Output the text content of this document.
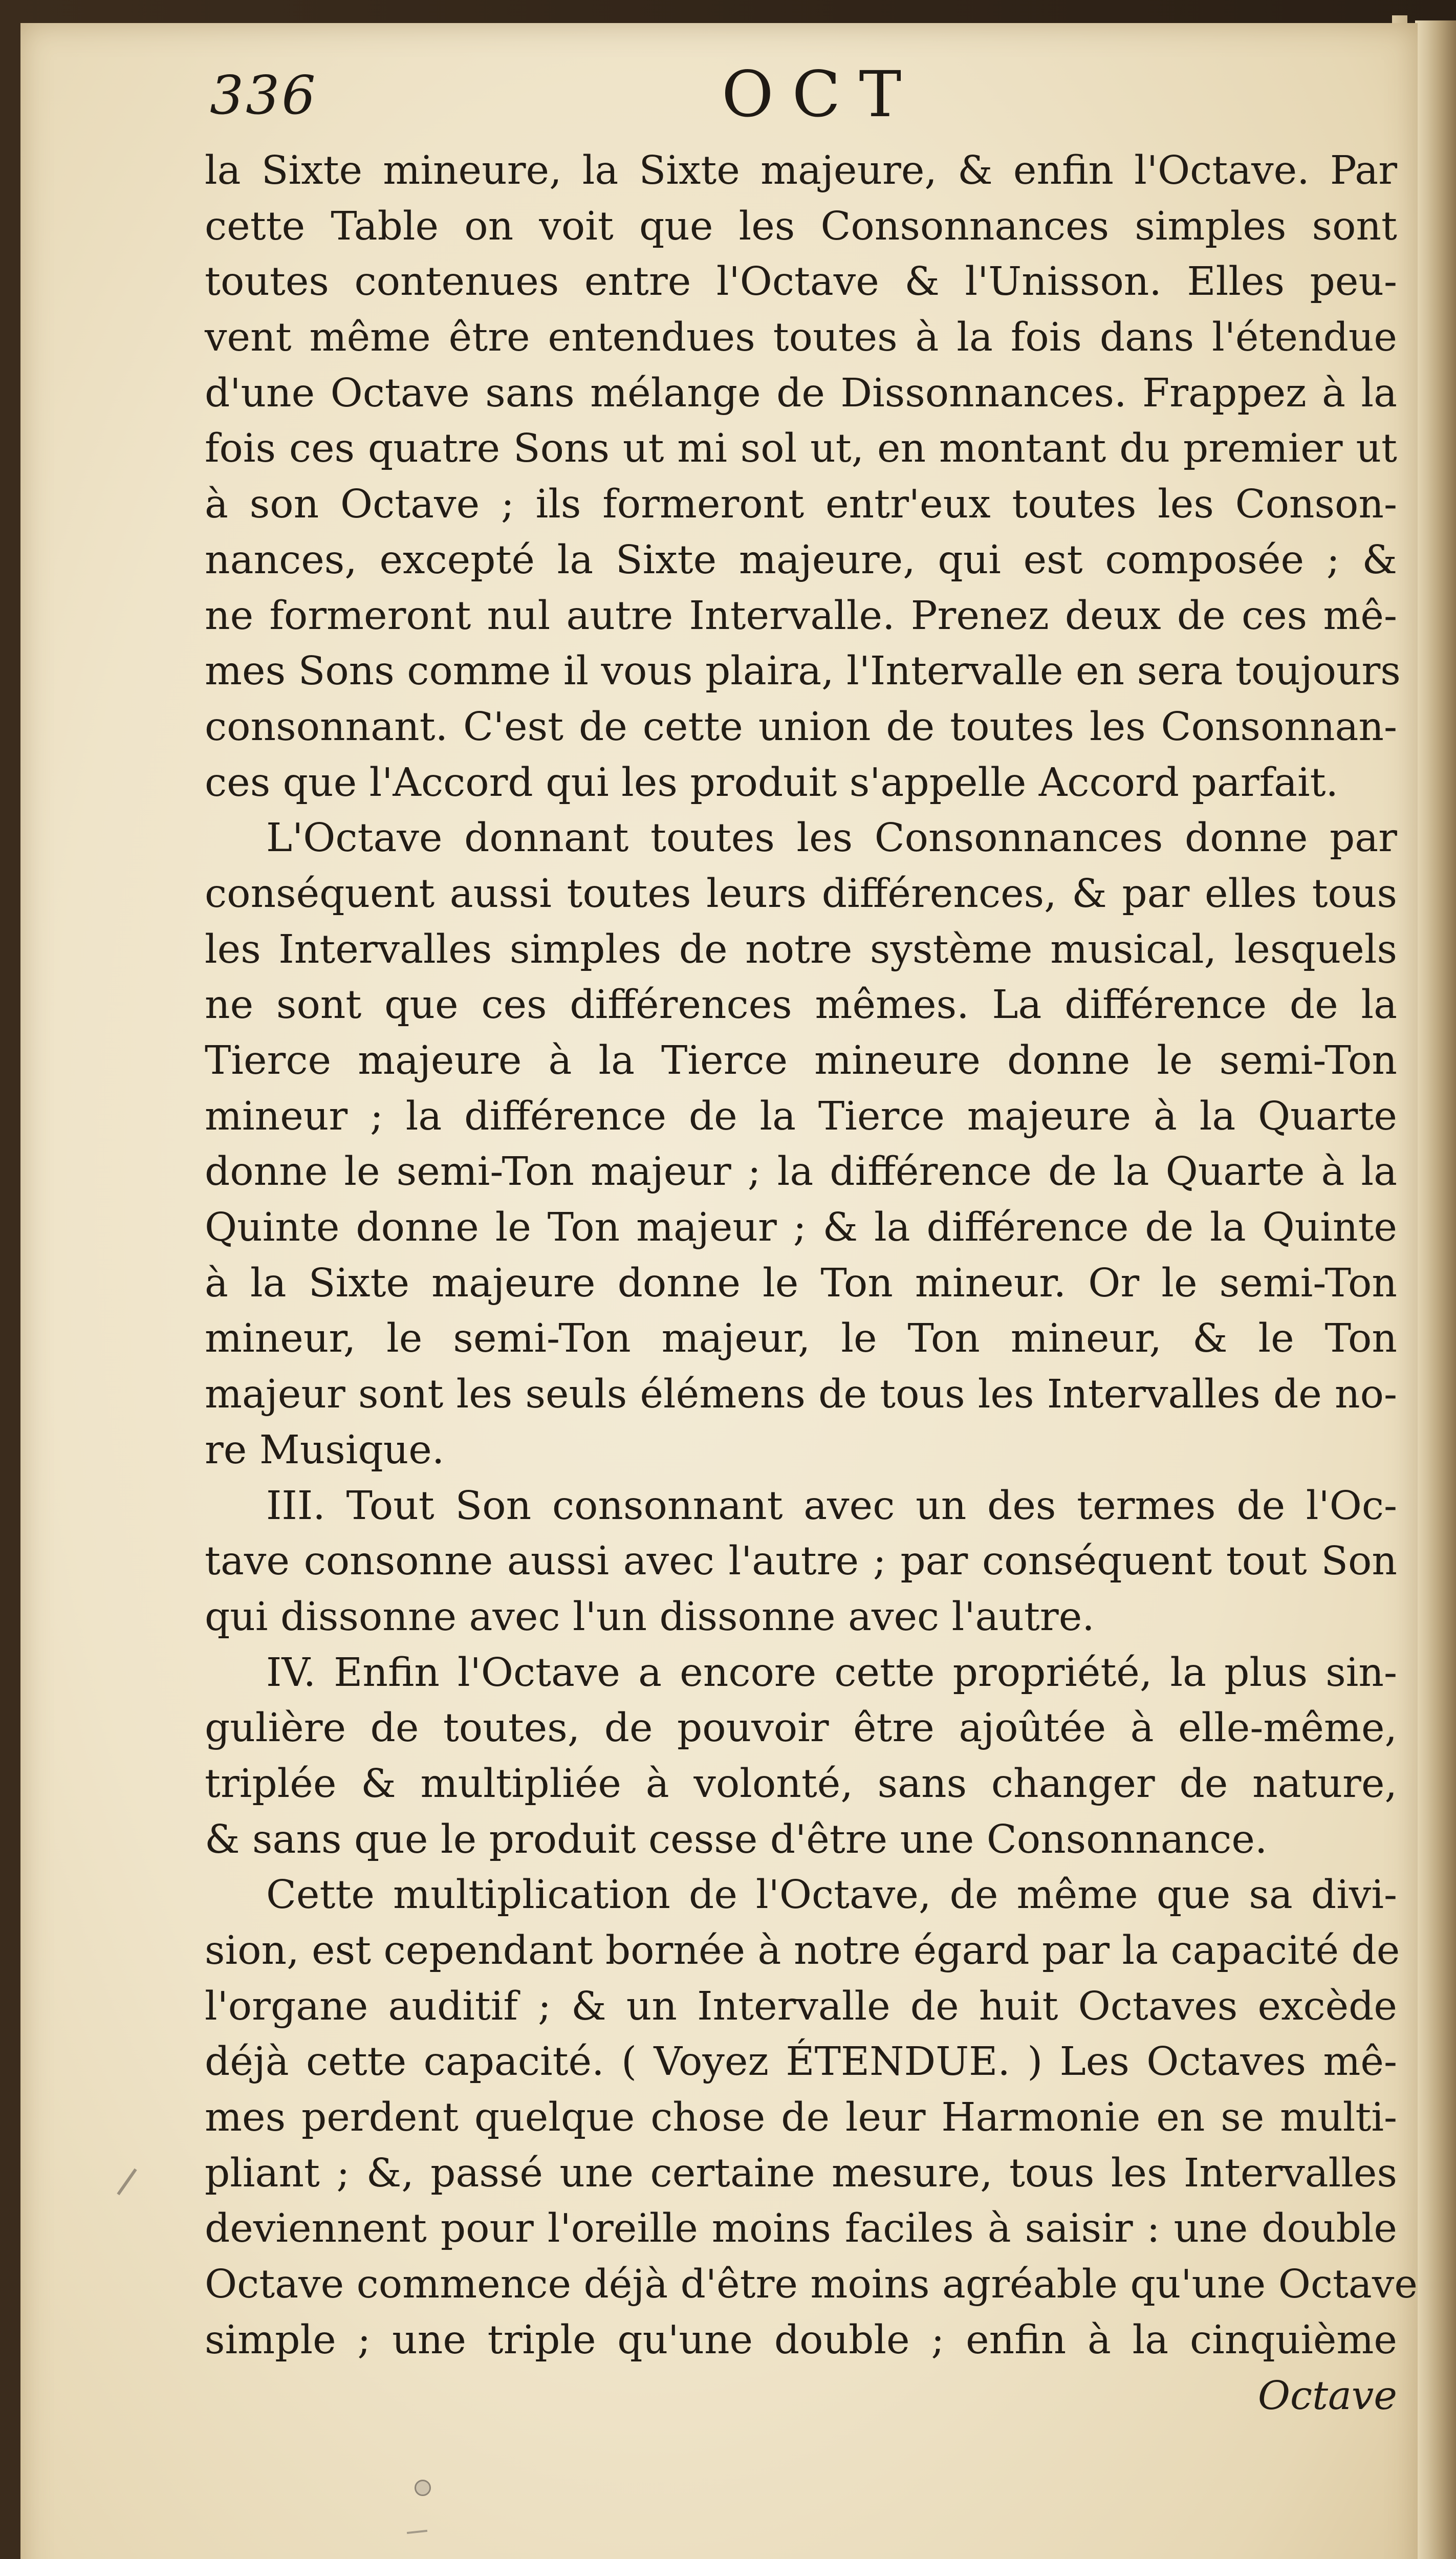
336	OCT
la Sixte mineure, la Sixte majeure, & enfin l'Octave. Par
cette Table on voit que les Consonnances simples sont
toutes contenues entre l'Octave & l'Unisson. Elles peu-
vent même être entendues toutes à la fois dans l'étendue
d'une Octave sans mélange de Dissonnances. Frappez à la
fois ces quatre Sons ut mi sol ut, en montant du premier ut
à son Octave ; ils formeront entr'eux toutes les Conson-
nances, excepté la Sixte majeure, qui est composée ; &
ne formeront nul autre Intervalle. Prenez deux de ces mê-
mes Sons comme il vous plaira, l'Intervalle en sera toujours
consonnant. C'est de cette union de toutes les Consonnan-
ces que l'Accord qui les produit s'appelle Accord parfait.
L'Octave donnant toutes les Consonnances donne par
conséquent aussi toutes leurs différences, & par elles tous
les Intervalles simples de notre système musical, lesquels
ne sont que ces différences mêmes. La différence de la
Tierce majeure à la Tierce mineure donne le semi-Ton
mineur ; la différence de la Tierce majeure à la Quarte
donne le semi-Ton majeur ; la différence de la Quarte à la
Quinte donne le Ton majeur ; & la différence de la Quinte
à la Sixte majeure donne le Ton mineur. Or le semi-Ton
mineur, le semi-Ton majeur, le Ton mineur, & le Ton
majeur sont les seuls élémens de tous les Intervalles de no-
re Musique.
III. Tout Son consonnant avec un des termes de l'Oc-
tave consonne aussi avec l'autre ; par conséquent tout Son
qui dissonne avec l'un dissonne avec l'autre.
IV. Enfin l'Octave a encore cette propriété, la plus sin-
gulière de toutes, de pouvoir être ajoûtée à elle-même,
triplée & multipliée à volonté, sans changer de nature,
& sans que le produit cesse d'être une Consonnance.
Cette multiplication de l'Octave, de même que sa divi-
sion, est cependant bornée à notre égard par la capacité de
l'organe auditif ; & un Intervalle de huit Octaves excède
déjà cette capacité. ( Voyez ÉTENDUE. ) Les Octaves mê-
mes perdent quelque chose de leur Harmonie en se multi-
pliant ; &, passé une certaine mesure, tous les Intervalles
deviennent pour l'oreille moins faciles à saisir : une double
Octave commence déjà d'être moins agréable qu'une Octave
simple ; une triple qu'une double ; enfin à la cinquième
Octave
